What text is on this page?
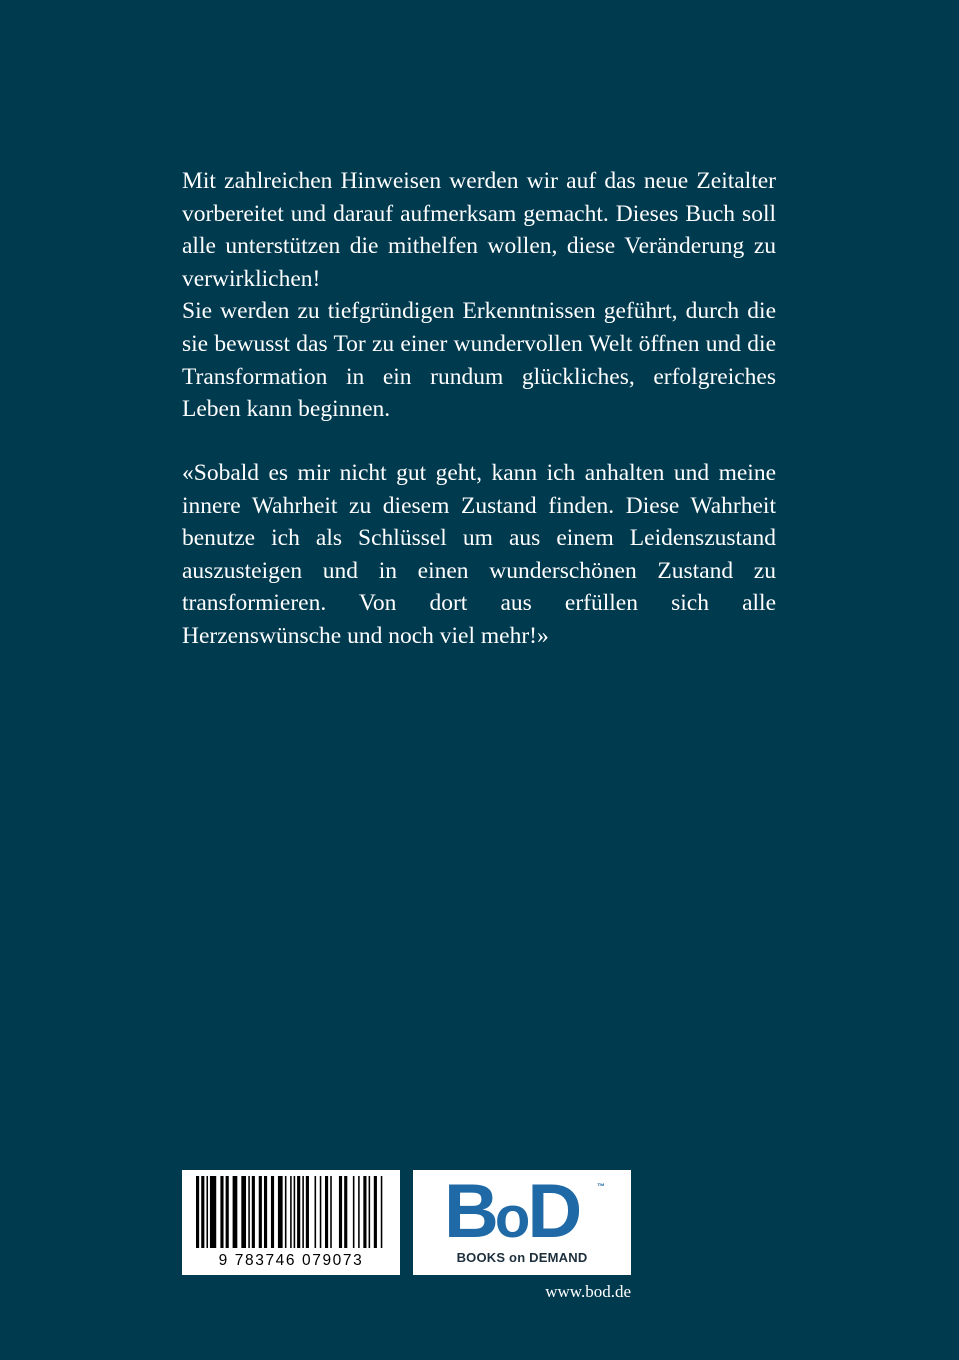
Mit zahlreichen Hinweisen werden wir auf das neue Zeitalter vorbereitet und darauf aufmerksam gemacht. Dieses Buch soll alle unterstützen die mithelfen wollen, diese Veränderung zu verwirklichen!

Sie werden zu tiefgründigen Erkenntnissen geführt, durch die sie bewusst das Tor zu einer wundervollen Welt öffnen und die Transformation in ein rundum glückliches, erfolgreiches Leben kann beginnen.

«Sobald es mir nicht gut geht, kann ich anhalten und meine innere Wahrheit zu diesem Zustand finden. Diese Wahrheit benutze ich als Schlüssel um aus einem Leidenszustand auszusteigen und in einen wunderschönen Zustand zu transformieren. Von dort aus erfüllen sich alle Herzenswünsche und noch viel mehr!»

9 783746 079073
BoD ™
BOOKS on DEMAND
www.bod.de
